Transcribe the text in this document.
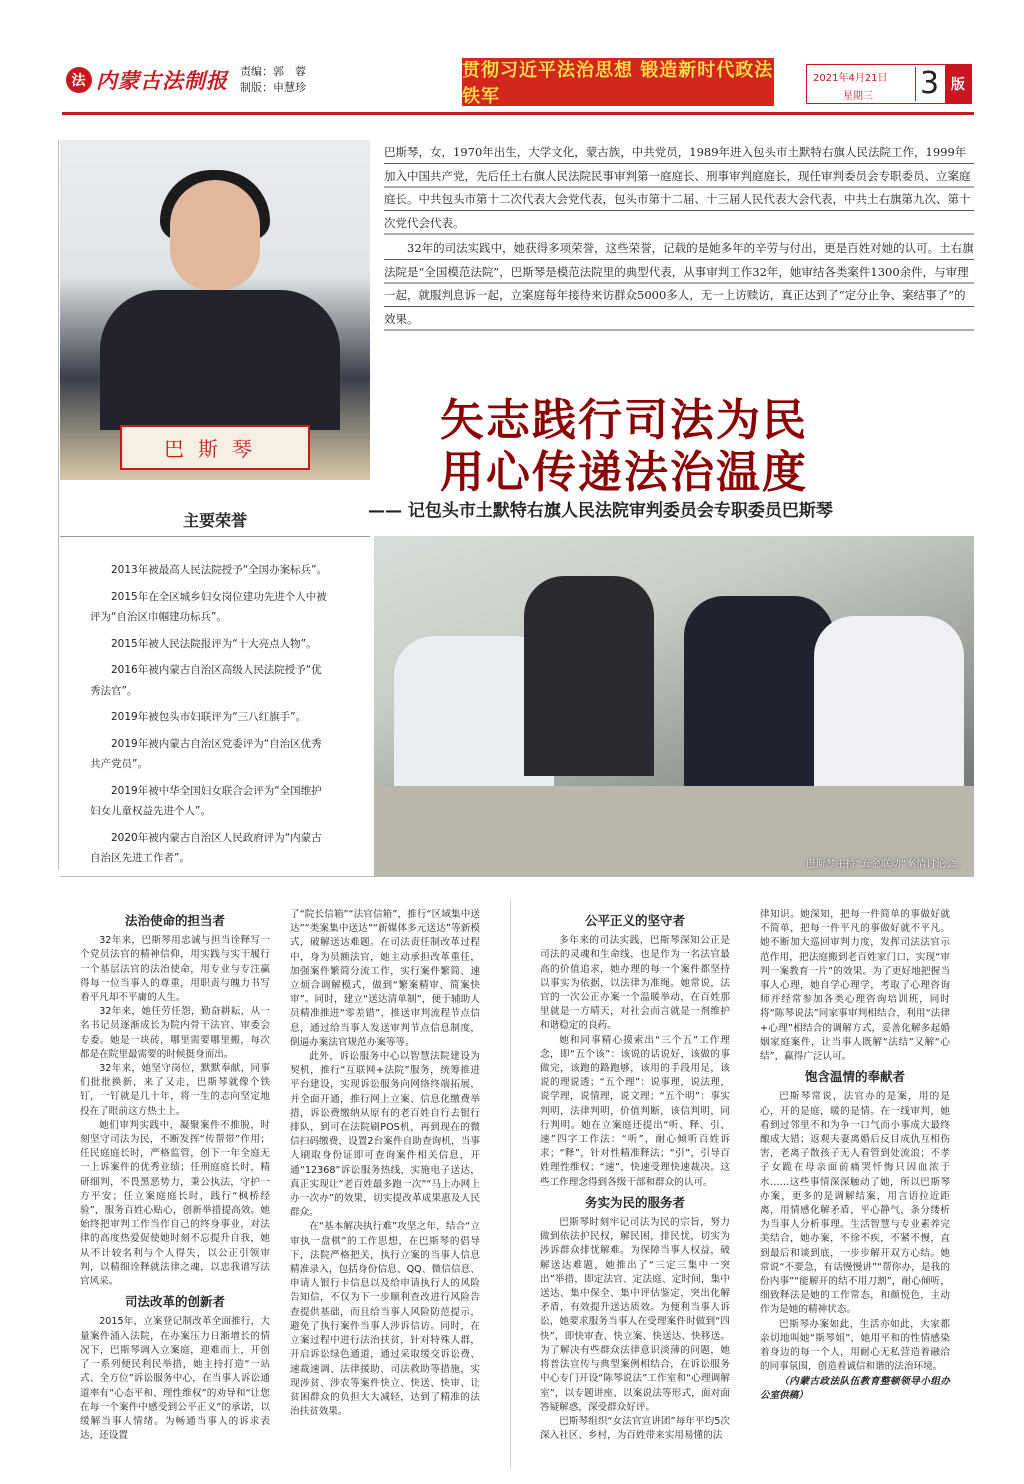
法 内蒙古法制报 责编：郭　蓉
制版：申慧珍
贯彻习近平法治思想 锻造新时代政法铁军
2021年4月21日
星期三 3 版
巴斯琴

巴斯琴，女，1970年出生，大学文化，蒙古族，中共党员，1989年进入包头市土默特右旗人民法院工作，1999年加入中国共产党，先后任土右旗人民法院民事审判第一庭庭长、刑事审判庭庭长，现任审判委员会专职委员、立案庭庭长。中共包头市第十二次代表大会党代表，包头市第十二届、十三届人民代表大会代表，中共土右旗第九次、第十次党代会代表。

32年的司法实践中，她获得多项荣誉，这些荣誉，记载的是她多年的辛劳与付出，更是百姓对她的认可。土右旗法院是“全国模范法院”，巴斯琴是模范法院里的典型代表，从事审判工作32年，她审结各类案件1300余件，与审理一起，就服判息诉一起，立案庭每年接待来访群众5000多人，无一上访赎访，真正达到了“定分止争、案结事了”的效果。

矢志践行司法为民
用心传递法治温度
—— 记包头市土默特右旗人民法院审判委员会专职委员巴斯琴
主要荣誉
2013年被最高人民法院授予“全国办案标兵”。
2015年在全区城乡妇女岗位建功先进个人中被评为“自治区巾帼建功标兵”。
2015年被人民法院报评为“十大亮点人物”。
2016年被内蒙古自治区高级人民法院授予“优秀法官”。
2019年被包头市妇联评为“三八红旗手”。
2019年被内蒙古自治区党委评为“自治区优秀共产党员”。
2019年被中华全国妇女联合会评为“全国维护妇女儿童权益先进个人”。
2020年被内蒙古自治区人民政府评为“内蒙古自治区先进工作者”。
巴斯琴主持“五金联动”案情讨论会。
法治使命的担当者

32年来，巴斯琴用忠诚与担当诠释写一个党员法官的精神信仰，用实践与实干履行一个基层法官的法治使命，用专业与专注赢得每一位当事人的尊重，用职责与魄力书写着平凡却不平庸的人生。

32年来，她任劳任怨，勤奋耕耘，从一名书记员逐渐成长为院内骨干法官、审委会专委。她是一块砖，哪里需要哪里搬，每次都是在院里最需要的时候挺身而出。

32年来，她坚守岗位，默默奉献，同事们批批换新，来了又走，巴斯琴就像个铁钉，一钉就是几十年，将一生的志向坚定地投在了眼前这方热土上。

她们审判实践中，凝聚案件不推脱，时刻坚守司法为民，不断发挥“传帮带”作用；任民庭庭长时，严格监管，创下一年全庭无一上诉案件的优秀业绩；任刑庭庭长时，精研细判，不畏黑恶势力，秉公执法，守护一方平安；任立案庭庭长时，践行“枫桥经验”，服务百姓心贴心，创新举措提高效。她始终把审判工作当作自己的终身事业，对法律的高度热爱促使她时刻不忘提升自我，她从不计较名利与个人得失，以公正引领审判，以精细诠释就法律之魂，以忠我谱写法官风采。

司法改革的创新者

2015年，立案登记制改革全面推行，大量案件涌入法院，在办案压力日渐增长的情况下，巴斯琴调入立案庭，迎难而上，开创了一系列便民利民举措，她主持打造“一站式、全方位”诉讼服务中心，在当事人诉讼通道率有“心态平和、理性维权”的劝导和“让您在每一个案件中感受到公平正义”的承诺，以缓解当事人情绪。为畅通当事人的诉求表达，还设置

了“院长信箱”“法官信箱”，推行“区域集中送达”“类案集中送达”“新媒体多元送达”等新模式，破解送达难题。在司法责任制改革过程中，身为员额法官，她主动承担改革重任，加强案件繁简分流工作，实行案件繁简、速立烦合调解模式，做到“繁案精审、简案快审”。同时，建立“送达清单制”，便于辅助人员精准推进“零差错”，推送审判流程节点信息，通过给当事人发送审判节点信息制度，倒逼办案法官规范办案等等。

此外，诉讼服务中心以智慧法院建设为契机，推行“互联网+法院”服务，统筹推进平台建设，实现诉讼服务向网络终端拓展，并全面开通，推行网上立案、信息化缴费举措，诉讼费缴纳从原有的老百姓自行去银行排队，到可在法院刷POS机，再到现在的微信扫码缴费，设置2台案件自助查询机，当事人刷取身份证即可查询案件相关信息，开通“12368”诉讼服务热线，实施电子送达，真正实现让“老百姓最多跑一次”“马上办网上办一次办”的效果，切实提改革成果惠及人民群众。

在“基本解决执行难”攻坚之年，结合“立审执一盘棋”的工作思想，在巴斯琴的倡导下，法院严格把关，执行立案的当事人信息精准录入，包括身份信息、QQ、微信信息、申请人银行卡信息以及给申请执行人的风险告知信，不仅为下一步顺利查改进行风险告查提供基础，而且给当事人风险防范提示，避免了执行案件当事人涉诉信访。同时，在立案过程中进行法治扶贫，针对特殊人群，开启诉讼绿色通道，通过采取缓交诉讼费、速裁速调、法律援助、司法救助等措施，实现涉贫、涉农等案件快立、快送、快审、让贫困群众的负担大大减轻，达到了精准的法治扶贫效果。

公平正义的坚守者

多年来的司法实践，巴斯琴深知公正是司法的灵魂和生命线，也是作为一名法官最高的价值追求，她办理的每一个案件都坚持以事实为依据，以法律为准绳。她常说，法官的一次公正办案一个温暖举动，在百姓那里就是一方晴天，对社会而言就是一剂维护和谐稳定的良药。

她和同事精心摸索出“三个五”工作理念，即“五个该”：该说的话说好，该做的事做完，该跑的路跑够，该用的手段用足，该说的理说透；“五个理”：说事理，说法理，说学理，说情理，说文理；“五个明”：事实判明，法律判明，价值判断，该信判明，同行判明。她在立案庭还提出“听、释、引、速”四字工作法：“听”，耐心倾听百姓诉求；“释”，针对性精准释法；“引”，引导百姓理性维权；“速”，快速受理快速裁决。这些工作理念得到各级干部和群众的认可。

务实为民的服务者

巴斯琴时刻牢记司法为民的宗旨，努力做到依法护民权，解民困，排民忧，切实为涉诉群众排忧解难。为保障当事人权益，破解送达难题，她推出了“三定三集中一突出”举措，即定法官、定法庭、定时间，集中送达、集中保全、集中评估鉴定，突出化解矛盾，有效提升送达质效。为便利当事人诉讼，她要求服务当事人在受理案件时做到“四快”，即快审查、快立案、快送达、快移送。为了解决有些群众法律意识淡薄的问题，她将普法宣传与典型案例相结合，在诉讼服务中心专门开设“陈琴说法”工作室和“心理调解室”，以专题讲座、以案说法等形式，面对面答疑解惑，深受群众好评。

巴斯琴组织“女法官宣讲团”每年平均5次深入社区、乡村，为百姓带来实用易懂的法

律知识。她深知，把每一件简单的事做好就不简单，把每一件平凡的事做好就不平凡。她不断加大巡回审判力度，发挥司法法官示范作用，把法庭搬到老百姓家门口，实现“审判一案教育一片”的效果。为了更好地把握当事人心理，她自学心理学，考取了心理咨询师并经常参加各类心理咨询培训班，同时将“陈琴说法”同家事审判相结合，利用“法律+心理”相结合的调解方式，妥善化解多起婚姻家庭案件，让当事人既解“法结”又解“心结”，赢得广泛认可。

饱含温情的奉献者

巴斯琴常说，法官办的是案，用的是心，开的是庭，暖的是情。在一线审判，她看到过邻里不和为争一口气而小事成大最终酿成大错；返观夫妻离婚后反目成仇互相伤害，老离子散孩子无人看管到处流浪；不孝子女跪在母亲面前痛哭忏悔只因血浓于水……这些事情深深触动了她，所以巴斯琴办案，更多的是调解结案，用言语拉近距离，用情感化解矛盾，平心静气，条分缕析为当事人分析事理。生活智慧与专业素养完美结合，她办案，不徐不疾，不紧不慢，直到最后和谈到底，一步步解开双方心结。她常说“不要急，有话慢慢讲”“帮你办，是我的份内事”“能解开的结不用刀割”，耐心倾听，细致释法是她的工作常态，和颜悦色，主动作为是她的精神状态。

巴斯琴办案如此，生活亦如此，大家都亲切地叫她“斯琴姐”，她用平和的性情感染着身边的每一个人，用耐心无私营造着融洽的同事氛围，创造着诚信和谐的法治环境。

（内蒙古政法队伍教育整顿领导小组办公室供稿）
